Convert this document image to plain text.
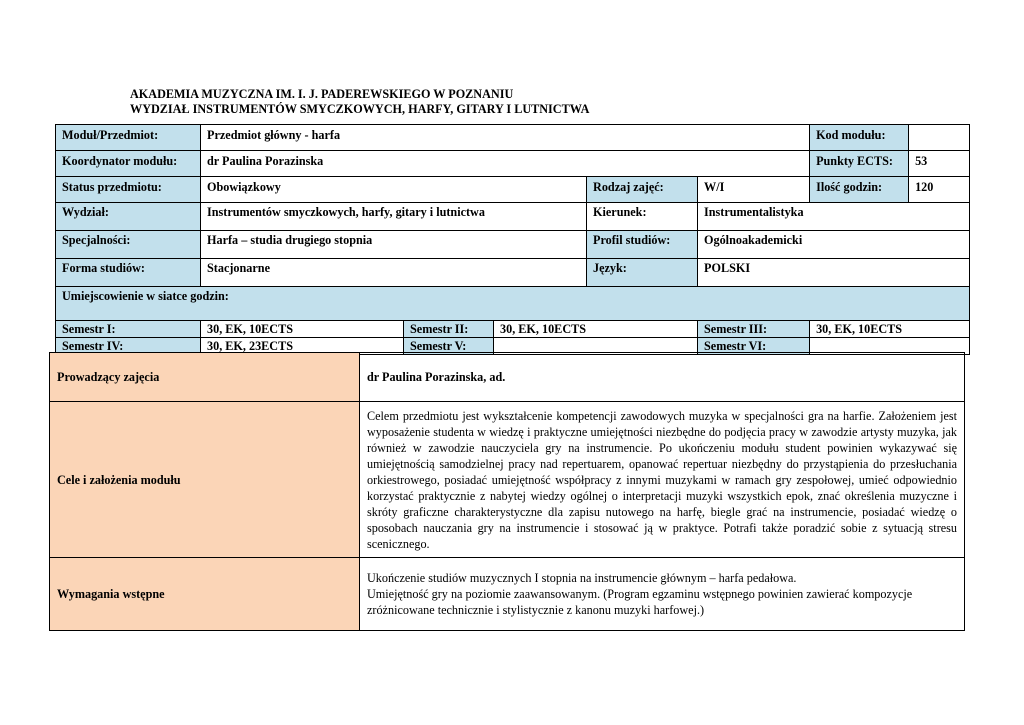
AKADEMIA MUZYCZNA IM. I. J. PADEREWSKIEGO W POZNANIU
WYDZIAŁ INSTRUMENTÓW SMYCZKOWYCH, HARFY, GITARY I LUTNICTWA
Moduł/Przedmiot:	Przedmiot główny - harfa					Kod modułu:	
Koordynator modułu:	dr Paulina Porazinska					Punkty ECTS:	53
Status przedmiotu:	Obowiązkowy			Rodzaj zajęć:	W/I	Ilość godzin:	120
Wydział:	Instrumentów smyczkowych, harfy, gitary i lutnictwa			Kierunek:	Instrumentalistyka		
Specjalności:	Harfa – studia drugiego stopnia			Profil studiów:	Ogólnoakademicki		
Forma studiów:	Stacjonarne			Język:	POLSKI		
Umiejscowienie w siatce godzin:							
Semestr I:	30, EK, 10ECTS	Semestr II:	30, EK, 10ECTS		Semestr III:	30, EK, 10ECTS	
Semestr IV:	30, EK, 23ECTS	Semestr V:			Semestr VI:		
Prowadzący zajęcia	dr Paulina Porazinska, ad.
Cele i założenia modułu	Celem przedmiotu jest wykształcenie kompetencji zawodowych muzyka w specjalności gra na harfie. Założeniem jest wyposażenie studenta w wiedzę i praktyczne umiejętności niezbędne do podjęcia pracy w zawodzie artysty muzyka, jak również w zawodzie nauczyciela gry na instrumencie. Po ukończeniu modułu student powinien wykazywać się umiejętnością samodzielnej pracy nad repertuarem, opanować repertuar niezbędny do przystąpienia do przesłuchania orkiestrowego, posiadać umiejętność współpracy z innymi muzykami w ramach gry zespołowej, umieć odpowiednio korzystać praktycznie z nabytej wiedzy ogólnej o interpretacji muzyki wszystkich epok, znać określenia muzyczne i skróty graficzne charakterystyczne dla zapisu nutowego na harfę, biegle grać na instrumencie, posiadać wiedzę o sposobach nauczania gry na instrumencie i stosować ją w praktyce. Potrafi także poradzić sobie z sytuacją stresu scenicznego.
Wymagania wstępne	Ukończenie studiów muzycznych I stopnia na instrumencie głównym – harfa pedałowa.
Umiejętność gry na poziomie zaawansowanym. (Program egzaminu wstępnego powinien zawierać kompozycje zróżnicowane technicznie i stylistycznie z kanonu muzyki harfowej.)
